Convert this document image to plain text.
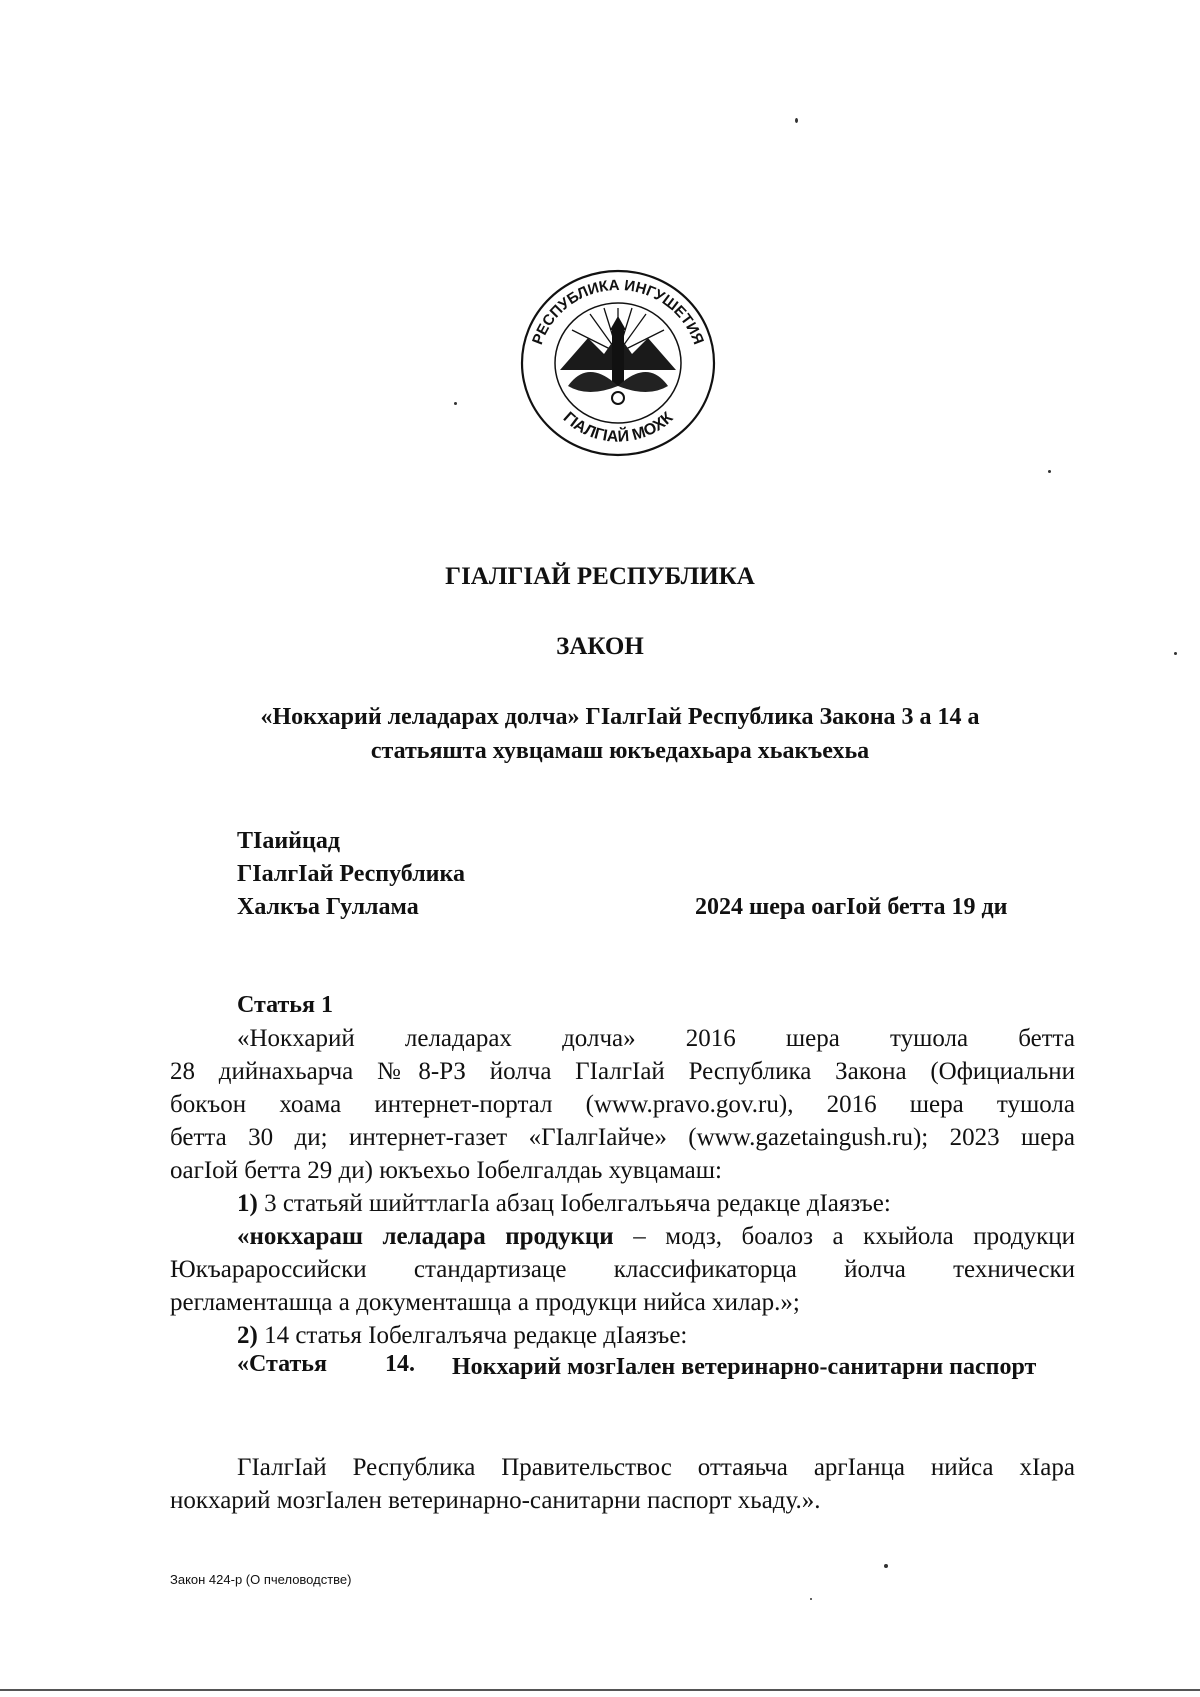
РЕСПУБЛИКА ИНГУШЕТИЯ
ГIАЛГIАЙ МОХК
ГIАЛГIАЙ РЕСПУБЛИКА
ЗАКОН
«Нокхарий леладарах долча» ГIалгIай Республика Закона 3 а 14 а
статьяшта хувцамаш юкъедахьара хьакъехьа
ТIаийцад
ГIалгIай Республика
Халкъа Гуллама	2024 шера оагIой бетта 19 ди
Статья 1
«Нокхарий леладарах долча» 2016 шера тушола бетта
28 дийнахьарча №8-РЗ йолча ГIалгIай Республика Закона (Официальни
бокъон хоама интернет-портал (www.pravo.gov.ru), 2016 шера тушола
бетта 30 ди; интернет-газет «ГIалгIайче» (www.gazetaingush.ru); 2023 шера
оагIой бетта 29 ди) юкъехьо Iобелгалдаь хувцамаш:
1) 3 статьяй шийттлагIа абзац Iобелгалъьяча редакце дIаязъе:
«нокхараш леладара продукци – модз, боалоз а кхыйола продукци
Юкъарароссийски стандартизаце классификаторца йолча технически
регламенташца а документашца а продукци нийса хилар.»;
2) 14 статья Iобелгалъяча редакце дIаязъе:
«Статья 14. Нокхарий мозгIален ветеринарно-санитарни паспорт
ГIалгIай Республика Правительствос оттаяьча аргIанца нийса хIара
нокхарий мозгIален ветеринарно-санитарни паспорт хьаду.».
Закон 424-р (О пчеловодстве)
